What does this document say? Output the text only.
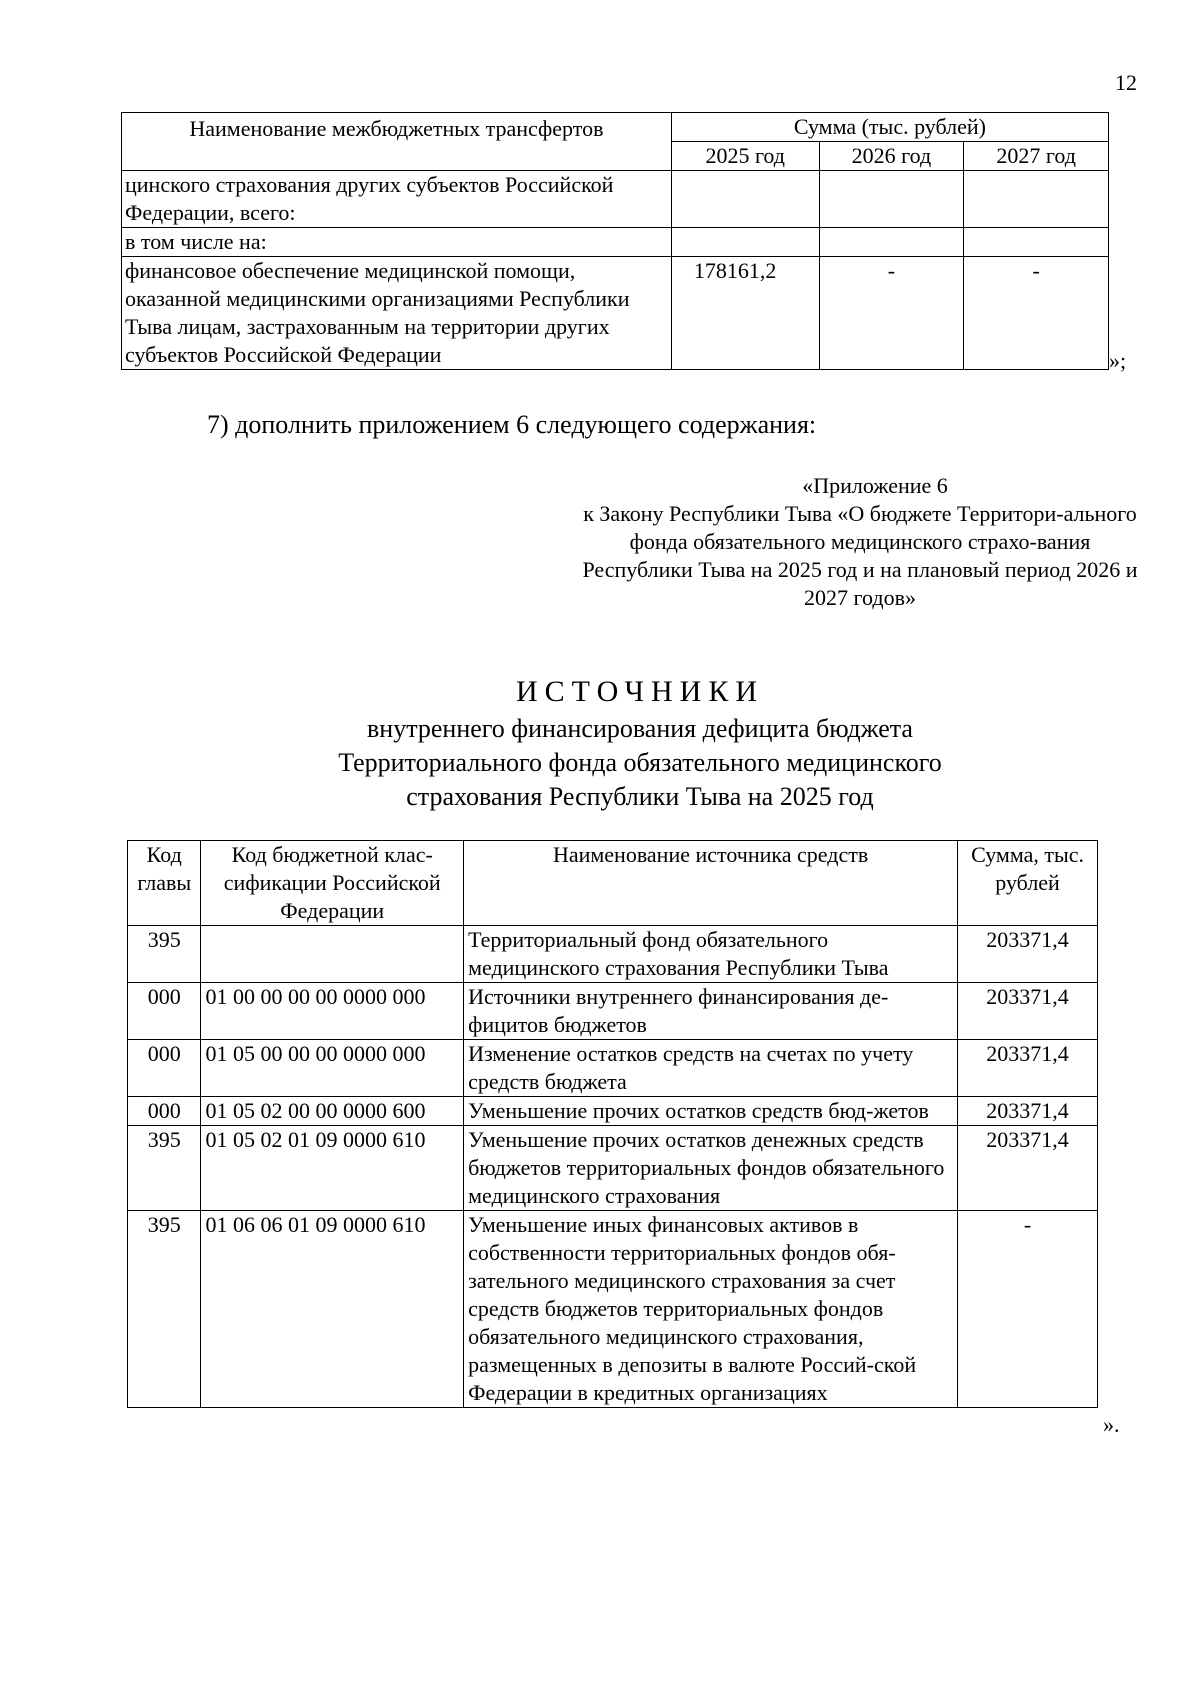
12
Наименование межбюджетных трансфертов	Сумма (тыс. рублей)		
	2025 год	2026 год	2027 год
цинского страхования других субъектов Российской Федерации, всего:			
в том числе на:			
финансовое обеспечение медицинской помощи, оказанной медицинскими организациями Республики Тыва лицам, застрахованным на территории других субъектов Российской Федерации	178161,2	-	-
»;
7) дополнить приложением 6 следующего содержания:
«Приложение 6
к Закону Республики Тыва «О бюджете Территори-ального фонда обязательного медицинского страхо-вания Республики Тыва на 2025 год и на плановый период 2026 и 2027 годов»
ИСТОЧНИКИ
внутреннего финансирования дефицита бюджета Территориального фонда обязательного медицинского страхования Республики Тыва на 2025 год
Код главы	Код бюджетной клас-сификации Российской Федерации	Наименование источника средств	Сумма, тыс. рублей
395		Территориальный фонд обязательного медицинского страхования Республики Тыва	203371,4
000	01 00 00 00 00 0000 000	Источники внутреннего финансирования де-фицитов бюджетов	203371,4
000	01 05 00 00 00 0000 000	Изменение остатков средств на счетах по учету средств бюджета	203371,4
000	01 05 02 00 00 0000 600	Уменьшение прочих остатков средств бюд-жетов	203371,4
395	01 05 02 01 09 0000 610	Уменьшение прочих остатков денежных средств бюджетов территориальных фондов обязательного медицинского страхования	203371,4
395	01 06 06 01 09 0000 610	Уменьшение иных финансовых активов в собственности территориальных фондов обя-зательного медицинского страхования за счет средств бюджетов территориальных фондов обязательного медицинского страхования, размещенных в депозиты в валюте Россий-ской Федерации в кредитных организациях	-
».
